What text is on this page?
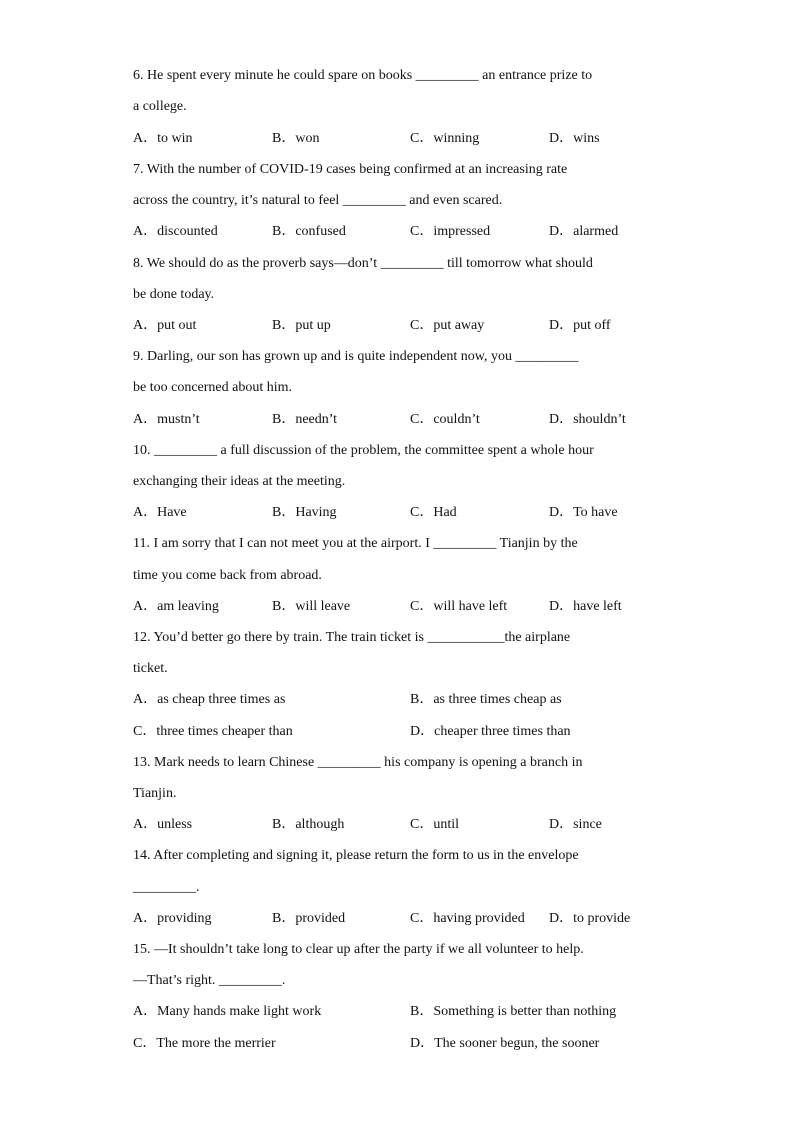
6. He spent every minute he could spare on books _________ an entrance prize to
a college.
A．to win	B．won	C．winning	D．wins
7. With the number of COVID-19 cases being confirmed at an increasing rate
across the country, it’s natural to feel _________ and even scared.
A．discounted	B．confused	C．impressed	D．alarmed
8. We should do as the proverb says—don’t _________ till tomorrow what should
be done today.
A．put out	B．put up	C．put away	D．put off
9. Darling, our son has grown up and is quite independent now, you _________
be too concerned about him.
A．mustn’t	B．needn’t	C．couldn’t	D．shouldn’t
10. _________ a full discussion of the problem, the committee spent a whole hour
exchanging their ideas at the meeting.
A．Have	B．Having	C．Had	D．To have
11. I am sorry that I can not meet you at the airport. I _________ Tianjin by the
time you come back from abroad.
A．am leaving	B．will leave	C．will have left	D．have left
12. You’d better go there by train. The train ticket is ___________the airplane
ticket.
A．as cheap three times as	B．as three times cheap as
C．three times cheaper than	D．cheaper three times than
13. Mark needs to learn Chinese _________ his company is opening a branch in
Tianjin.
A．unless	B．although	C．until	D．since
14. After completing and signing it, please return the form to us in the envelope
_________.
A．providing	B．provided	C．having provided D．to provide
15. —It shouldn’t take long to clear up after the party if we all volunteer to help.
—That’s right. _________.
A．Many hands make light work	B．Something is better than nothing
C．The more the merrier	D．The sooner begun, the sooner
